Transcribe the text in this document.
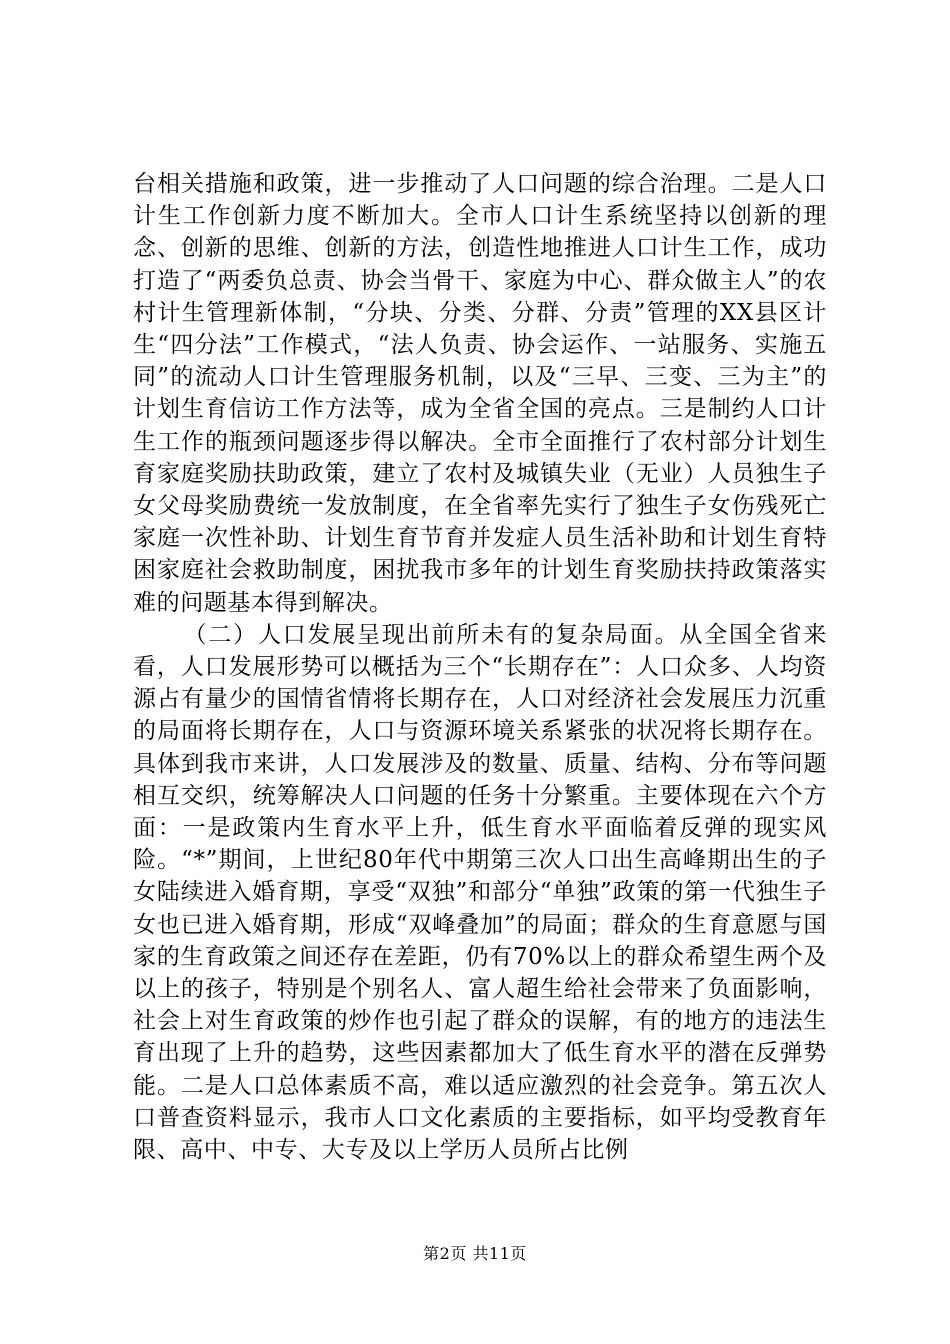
台相关措施和政策，进一步推动了人口问题的综合治理。二是人口计生工作创新力度不断加大。全市人口计生系统坚持以创新的理念、创新的思维、创新的方法，创造性地推进人口计生工作，成功打造了“两委负总责、协会当骨干、家庭为中心、群众做主人”的农村计生管理新体制，“分块、分类、分群、分责”管理的XX县区计生“四分法”工作模式，“法人负责、协会运作、一站服务、实施五同”的流动人口计生管理服务机制，以及“三早、三变、三为主”的计划生育信访工作方法等，成为全省全国的亮点。三是制约人口计生工作的瓶颈问题逐步得以解决。全市全面推行了农村部分计划生育家庭奖励扶助政策，建立了农村及城镇失业（无业）人员独生子女父母奖励费统一发放制度，在全省率先实行了独生子女伤残死亡家庭一次性补助、计划生育节育并发症人员生活补助和计划生育特困家庭社会救助制度，困扰我市多年的计划生育奖励扶持政策落实难的问题基本得到解决。

（二）人口发展呈现出前所未有的复杂局面。从全国全省来看，人口发展形势可以概括为三个“长期存在”：人口众多、人均资源占有量少的国情省情将长期存在，人口对经济社会发展压力沉重的局面将长期存在，人口与资源环境关系紧张的状况将长期存在。具体到我市来讲，人口发展涉及的数量、质量、结构、分布等问题相互交织，统筹解决人口问题的任务十分繁重。主要体现在六个方面：一是政策内生育水平上升，低生育水平面临着反弹的现实风险。“*”期间，上世纪80年代中期第三次人口出生高峰期出生的子女陆续进入婚育期，享受“双独”和部分“单独”政策的第一代独生子女也已进入婚育期，形成“双峰叠加”的局面；群众的生育意愿与国家的生育政策之间还存在差距，仍有70%以上的群众希望生两个及以上的孩子，特别是个别名人、富人超生给社会带来了负面影响，社会上对生育政策的炒作也引起了群众的误解，有的地方的违法生育出现了上升的趋势，这些因素都加大了低生育水平的潜在反弹势能。二是人口总体素质不高，难以适应激烈的社会竞争。第五次人口普查资料显示，我市人口文化素质的主要指标，如平均受教育年限、高中、中专、大专及以上学历人员所占比例

第2页 共11页
